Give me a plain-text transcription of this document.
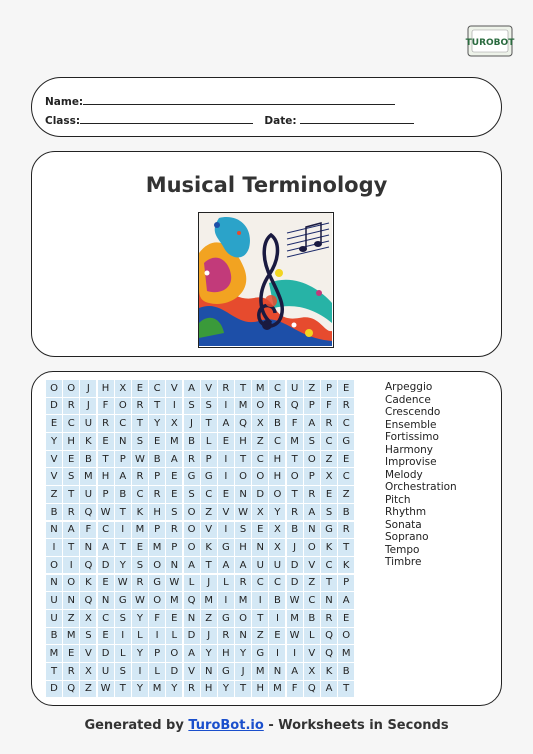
TUROBOT
Name:
Class:	Date:
Musical Terminology
O O	J	H X	E	C	V	A	V	R	T M C	U	Z	P	E
D R	J	F	O R	T	I	S	S	I	M O R Q	P	F	R
E	C	U	R	C	T	Y	X	J	T	A Q X	B	F	A	R	C
Y	H	K	E	N	S	E M B	L	E	H Z	C M S	C G
V	E	B	T	P W B	A	R	P	I	T	C H	T	O Z	E
V	S M H	A	R	P	E	G G	I	O O H O	P	X	C
Z	T	U	P	B	C	R	E	S	C	E	N D O	T	R	E	Z
B	R Q W T	K	H	S	O Z	V W X	Y	R	A	S	B
N	A	F	C	I	M P	R O V	I	S	E	X	B	N G R
I	T	N	A	T	E M P	O K	G H N	X	J	O K	T
O	I	Q D	Y	S	O N	A	T	A	A	U U D V	C	K
N O K	E W R G W L	J	L	R	C	C D Z	T	P
U N Q N G W O M Q M	I	M	I	B W C N	A
U	Z	X	C	S	Y	F	E	N	Z G O	T	I	M B	R	E
B M S	E	I	L	I	L	D	J	R N	Z	E W L	Q O
M E	V D	L	Y	P	O A	Y	H	Y	G	I	I	V Q M
T	R	X	U	S	I	L	D V	N G	J	M N	A	X	K	B
D Q Z W T	Y M Y	R H	Y	T	H M F	Q A	T
Arpeggio
Cadence
Crescendo
Ensemble
Fortissimo
Harmony
Improvise
Melody
Orchestration
Pitch
Rhythm
Sonata
Soprano
Tempo
Timbre
Generated by TuroBot.io - Worksheets in Seconds
